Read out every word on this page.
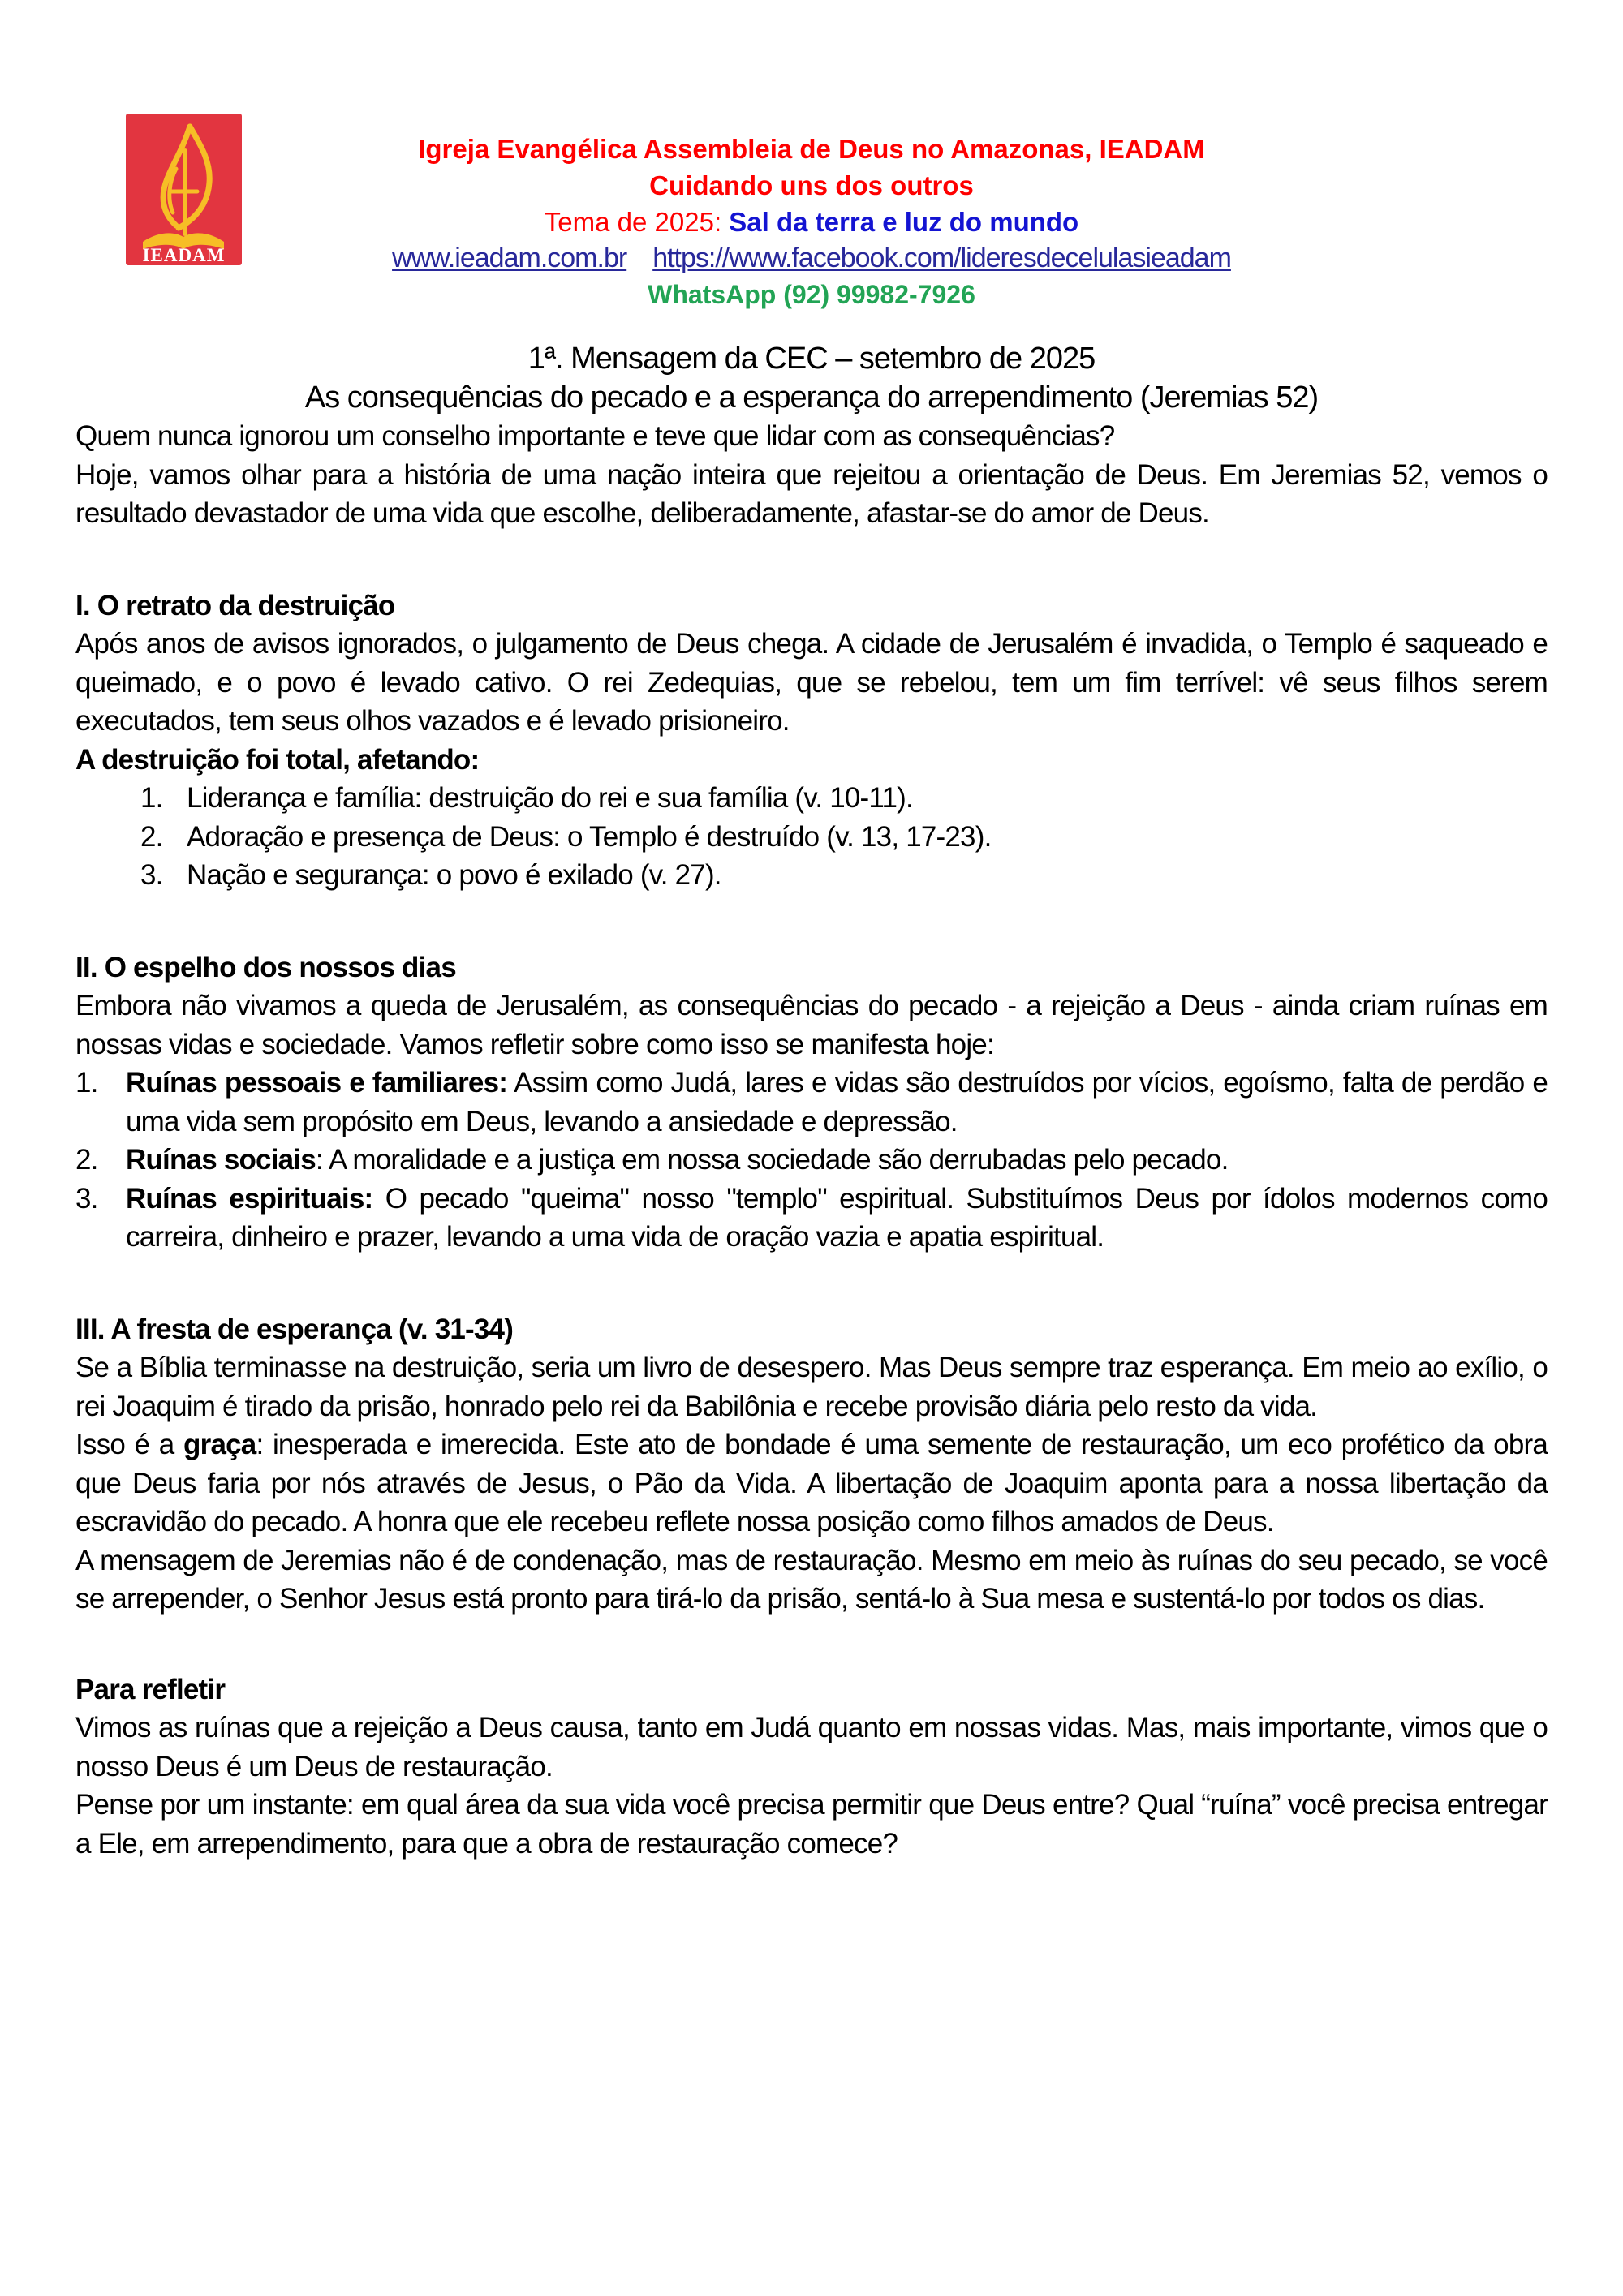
IEADAM
Igreja Evangélica Assembleia de Deus no Amazonas, IEADAM
Cuidando uns dos outros
Tema de 2025: Sal da terra e luz do mundo
www.ieadam.com.br https://www.facebook.com/lideresdecelulasieadam
WhatsApp (92) 99982-7926
1ª. Mensagem da CEC – setembro de 2025
As consequências do pecado e a esperança do arrependimento (Jeremias 52)

Quem nunca ignorou um conselho importante e teve que lidar com as consequências?

Hoje, vamos olhar para a história de uma nação inteira que rejeitou a orientação de Deus. Em Jeremias 52, vemos o resultado devastador de uma vida que escolhe, deliberadamente, afastar-se do amor de Deus.

I. O retrato da destruição

Após anos de avisos ignorados, o julgamento de Deus chega. A cidade de Jerusalém é invadida, o Templo é saqueado e queimado, e o povo é levado cativo. O rei Zedequias, que se rebelou, tem um fim terrível: vê seus filhos serem executados, tem seus olhos vazados e é levado prisioneiro.

A destruição foi total, afetando:
1. Liderança e família: destruição do rei e sua família (v. 10-11).
2. Adoração e presença de Deus: o Templo é destruído (v. 13, 17-23).
3. Nação e segurança: o povo é exilado (v. 27).
II. O espelho dos nossos dias

Embora não vivamos a queda de Jerusalém, as consequências do pecado - a rejeição a Deus - ainda criam ruínas em nossas vidas e sociedade. Vamos refletir sobre como isso se manifesta hoje:

1. Ruínas pessoais e familiares: Assim como Judá, lares e vidas são destruídos por vícios, egoísmo, falta de perdão e uma vida sem propósito em Deus, levando a ansiedade e depressão.
2. Ruínas sociais: A moralidade e a justiça em nossa sociedade são derrubadas pelo pecado.
3. Ruínas espirituais: O pecado "queima" nosso "templo" espiritual. Substituímos Deus por ídolos modernos como carreira, dinheiro e prazer, levando a uma vida de oração vazia e apatia espiritual.
III. A fresta de esperança (v. 31-34)

Se a Bíblia terminasse na destruição, seria um livro de desespero. Mas Deus sempre traz esperança. Em meio ao exílio, o rei Joaquim é tirado da prisão, honrado pelo rei da Babilônia e recebe provisão diária pelo resto da vida.

Isso é a graça: inesperada e imerecida. Este ato de bondade é uma semente de restauração, um eco profético da obra que Deus faria por nós através de Jesus, o Pão da Vida. A libertação de Joaquim aponta para a nossa libertação da escravidão do pecado. A honra que ele recebeu reflete nossa posição como filhos amados de Deus.

A mensagem de Jeremias não é de condenação, mas de restauração. Mesmo em meio às ruínas do seu pecado, se você se arrepender, o Senhor Jesus está pronto para tirá-lo da prisão, sentá-lo à Sua mesa e sustentá-lo por todos os dias.

Para refletir

Vimos as ruínas que a rejeição a Deus causa, tanto em Judá quanto em nossas vidas. Mas, mais importante, vimos que o nosso Deus é um Deus de restauração.

Pense por um instante: em qual área da sua vida você precisa permitir que Deus entre? Qual “ruína” você precisa entregar a Ele, em arrependimento, para que a obra de restauração comece?
